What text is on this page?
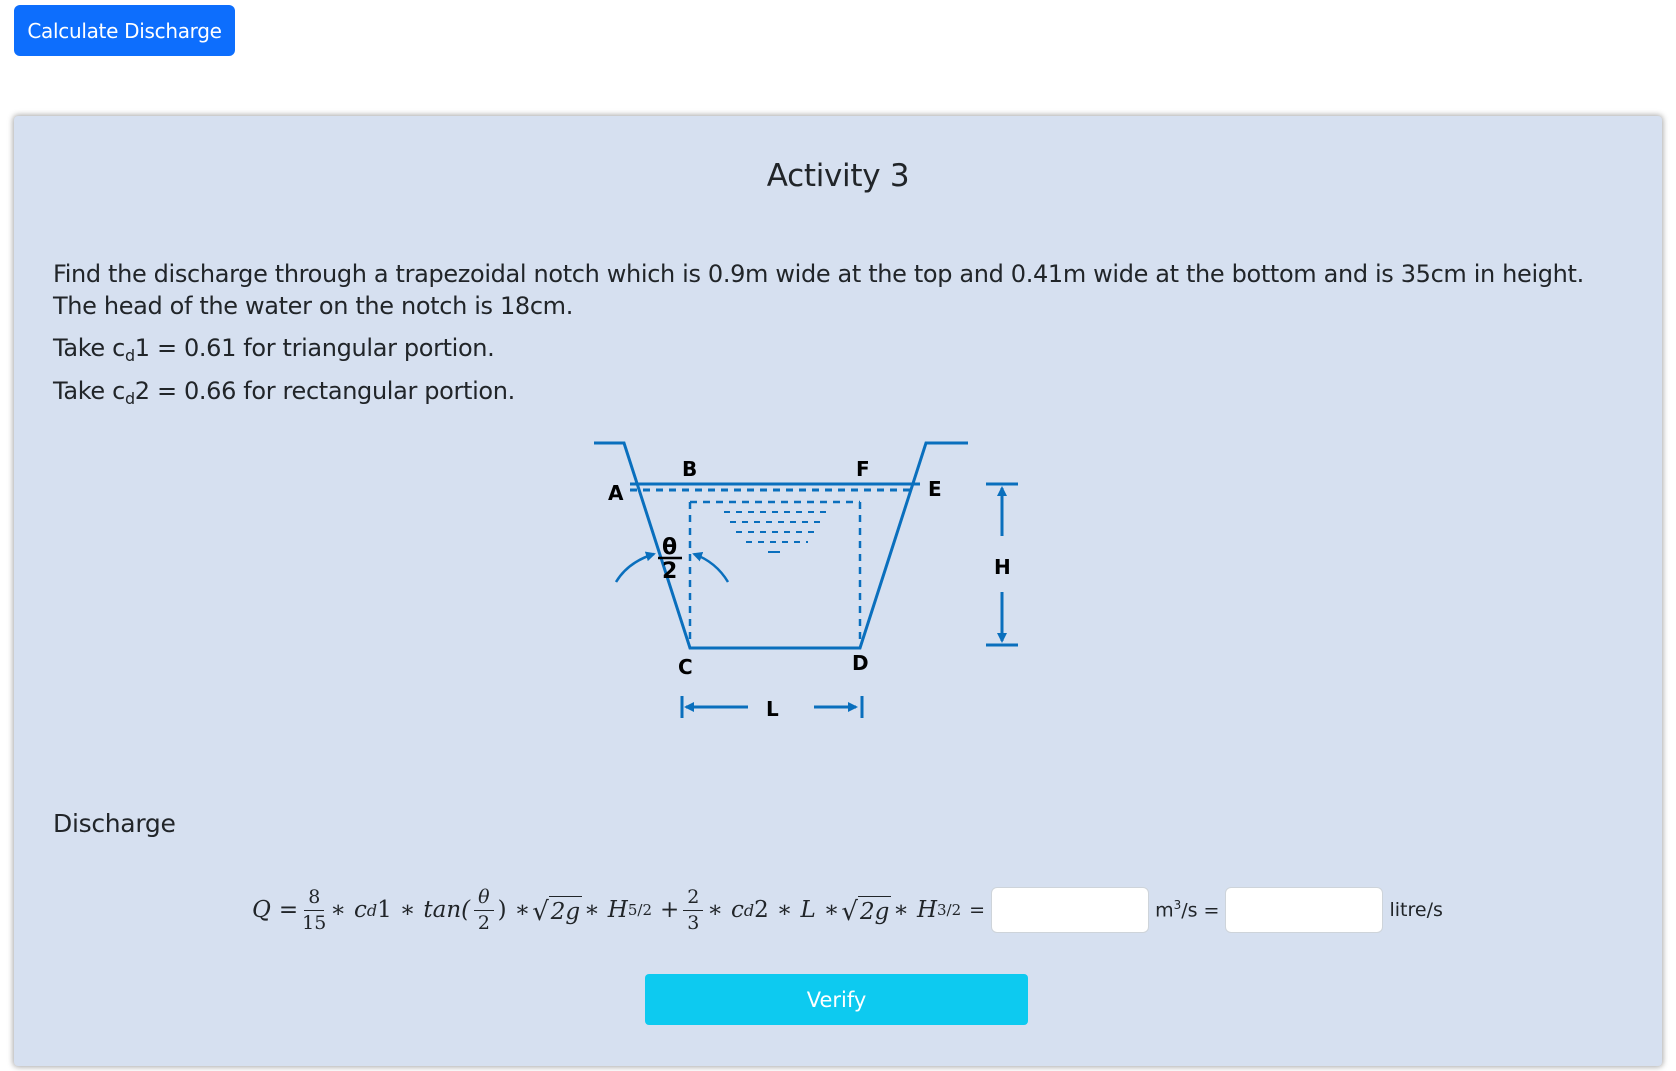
Calculate Discharge
Activity 3
Find the discharge through a trapezoidal notch which is 0.9m wide at the top and 0.41m wide at the bottom and is 35cm in height. The head of the water on the notch is 18cm.
Take $c_d1 = 0.61$ for triangular portion.
Take $c_d2 = 0.66$ for rectangular portion.
A
B
C	D
E
F
H
L
θ
2
Discharge
$Q = \frac{8}{15}$ ∗ c d 1 ∗ $\tan( \frac{\theta}{2}$ ) ∗ √ 2g ∗ H $5/2 + \frac{2}{3}$ ∗ c d 2 ∗ L ∗ √ 2g ∗ H 3/2 =	$m^3/s$ =	litre/s
Verify
